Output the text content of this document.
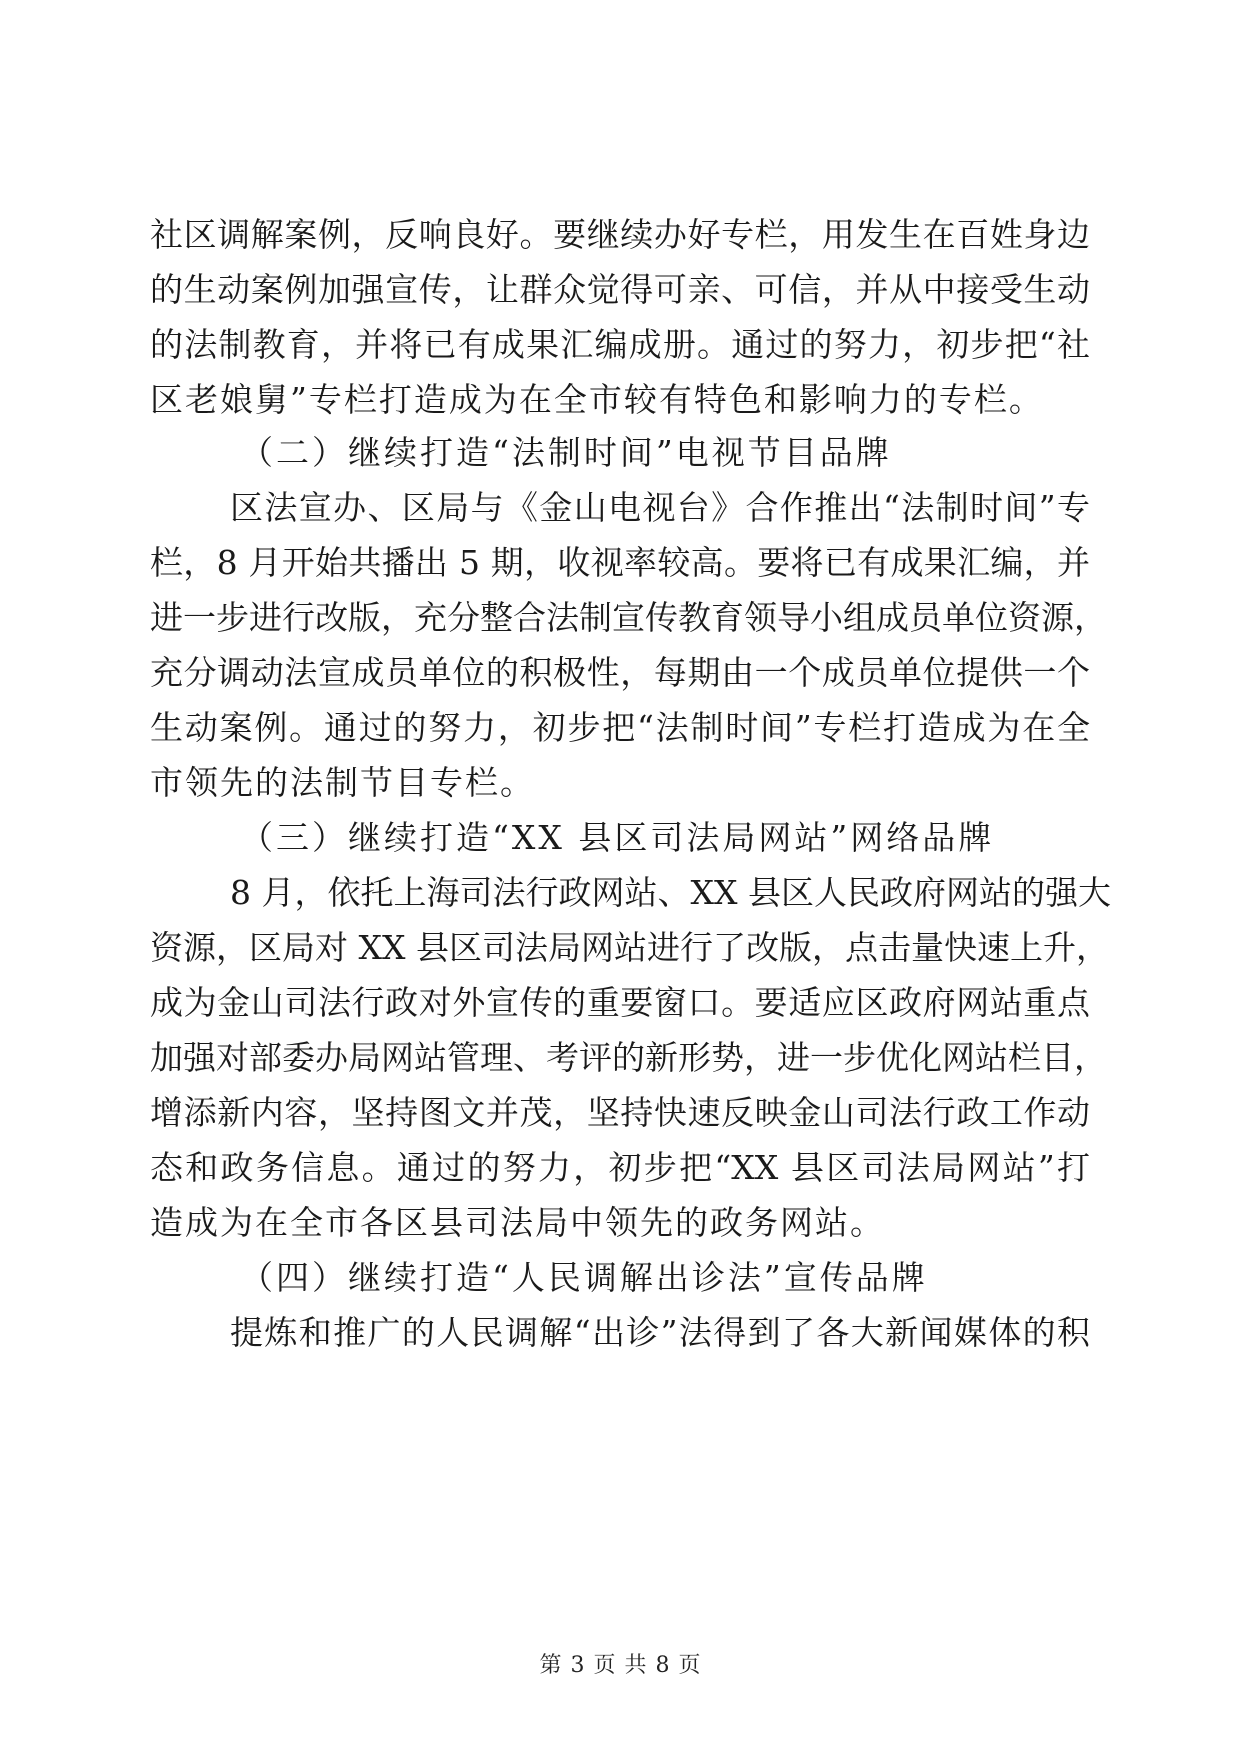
社区调解案例，反响良好。要继续办好专栏，用发生在百姓身边
的生动案例加强宣传，让群众觉得可亲、可信，并从中接受生动
的法制教育，并将已有成果汇编成册。通过的努力，初步把“社
区老娘舅”专栏打造成为在全市较有特色和影响力的专栏。
（二）继续打造“法制时间”电视节目品牌
区法宣办、区局与《金山电视台》合作推出“法制时间”专
栏，8 月开始共播出 5 期，收视率较高。要将已有成果汇编，并
进一步进行改版，充分整合法制宣传教育领导小组成员单位资源，
充分调动法宣成员单位的积极性，每期由一个成员单位提供一个
生动案例。通过的努力，初步把“法制时间”专栏打造成为在全
市领先的法制节目专栏。
（三）继续打造“XX 县区司法局网站”网络品牌
8 月，依托上海司法行政网站、XX 县区人民政府网站的强大
资源，区局对 XX 县区司法局网站进行了改版，点击量快速上升，
成为金山司法行政对外宣传的重要窗口。要适应区政府网站重点
加强对部委办局网站管理、考评的新形势，进一步优化网站栏目，
增添新内容，坚持图文并茂，坚持快速反映金山司法行政工作动
态和政务信息。通过的努力，初步把“XX 县区司法局网站”打
造成为在全市各区县司法局中领先的政务网站。
（四）继续打造“人民调解出诊法”宣传品牌
提炼和推广的人民调解“出诊”法得到了各大新闻媒体的积
第 3 页 共 8 页
